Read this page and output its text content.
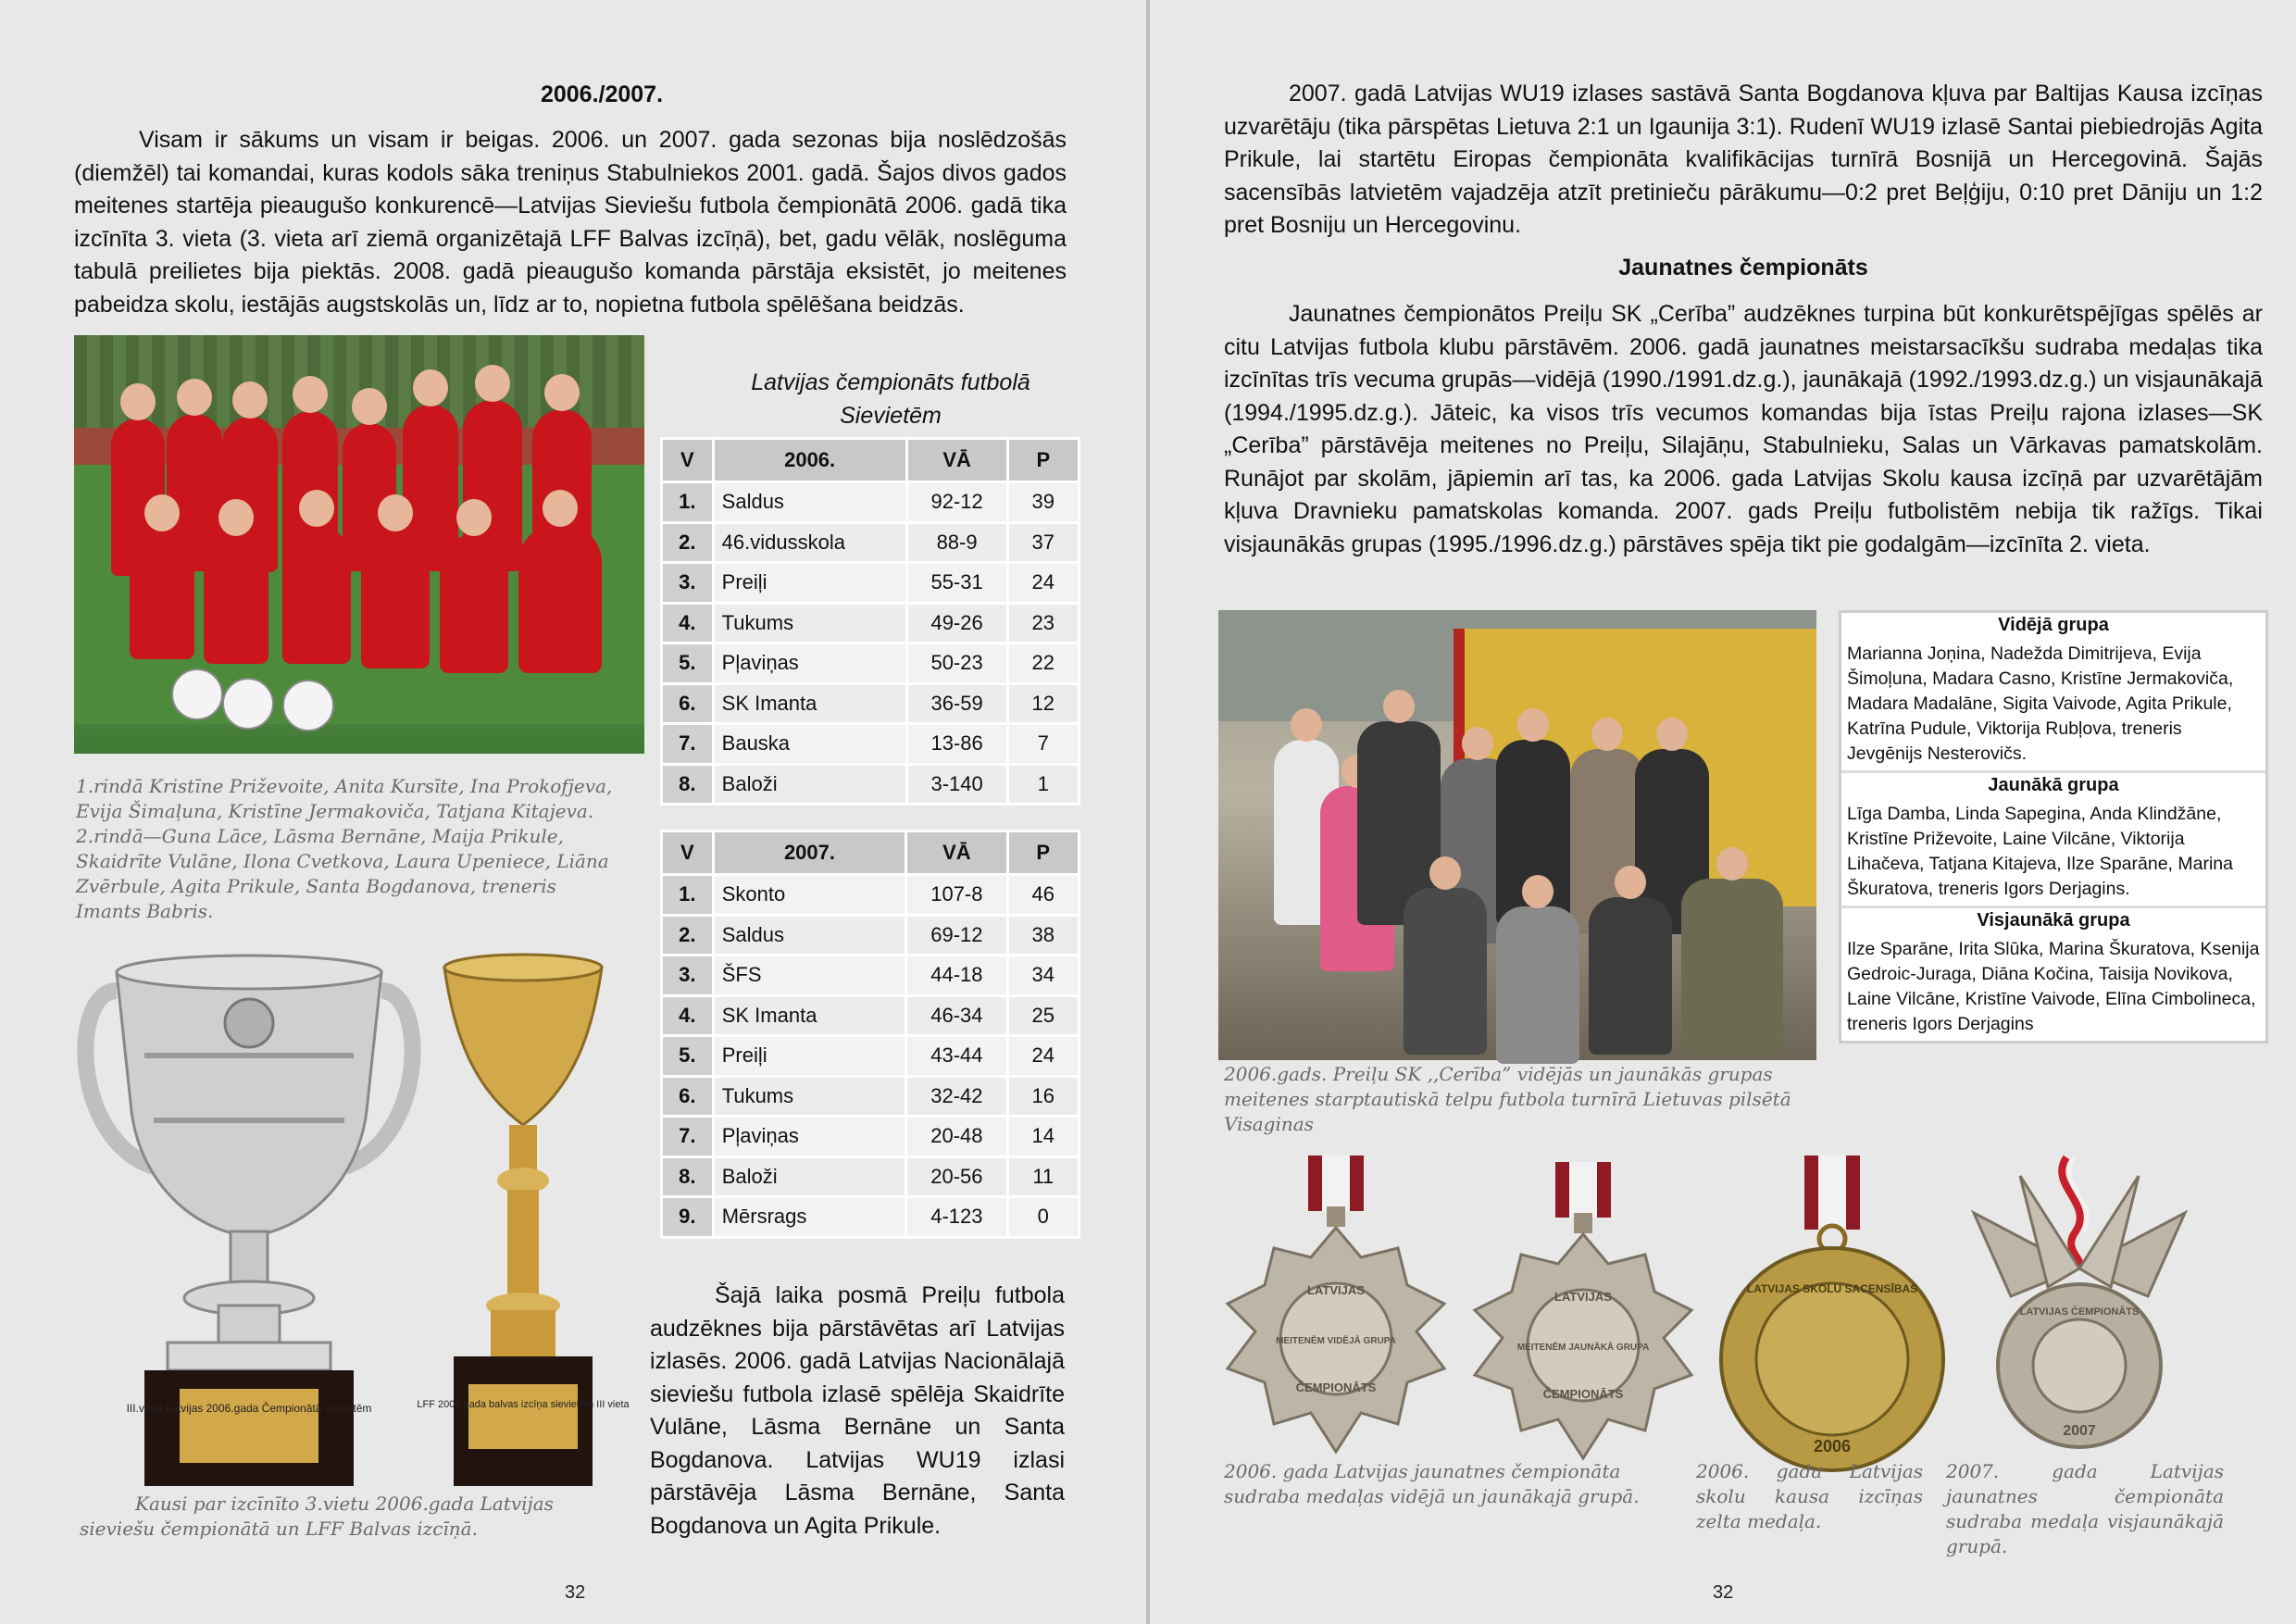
2006./2007.

Visam ir sākums un visam ir beigas. 2006. un 2007. gada sezonas bija noslēdzošās (diemžēl) tai komandai, kuras kodols sāka treniņus Stabulniekos 2001. gadā. Šajos divos gados meitenes startēja pieaugušo konkurencē—Latvijas Sieviešu futbola čempionātā 2006. gadā tika izcīnīta 3. vieta (3. vieta arī ziemā organizētajā LFF Balvas izcīņā), bet, gadu vēlāk, noslēguma tabulā preilietes bija piektās. 2008. gadā pieaugušo komanda pārstāja eksistēt, jo meitenes pabeidza skolu, iestājās augstskolās un, līdz ar to, nopietna futbola spēlēšana beidzās.

1.rindā Kristīne Priževoite, Anita Kursīte, Ina Prokofjeva, Evija Šimaļuna, Kristīne Jermakoviča, Tatjana Kitajeva. 2.rindā—Guna Lāce, Lāsma Bernāne, Maija Prikule, Skaidrīte Vulāne, Ilona Cvetkova, Laura Upeniece, Liāna Zvērbule, Agita Prikule, Santa Bogdanova, treneris Imants Babris.

III.vieta Latvijas 2006.gada Čempionātā sievietēm	LFF 2006.gada balvas izcīņa sievietēm III vieta

Kausi par izcīnīto 3.vietu 2006.gada Latvijas sieviešu čempionātā un LFF Balvas izcīņā.

Latvijas čempionāts futbolā
Sievietēm

V	2006.	VĀ	P
1.	Saldus	92-12	39
2.	46.vidusskola	88-9	37
3.	Preiļi	55-31	24
4.	Tukums	49-26	23
5.	Pļaviņas	50-23	22
6.	SK Imanta	36-59	12
7.	Bauska	13-86	7
8.	Baloži	3-140	1
V	2007.	VĀ	P
1.	Skonto	107-8	46
2.	Saldus	69-12	38
3.	ŠFS	44-18	34
4.	SK Imanta	46-34	25
5.	Preiļi	43-44	24
6.	Tukums	32-42	16
7.	Pļaviņas	20-48	14
8.	Baloži	20-56	11
9.	Mērsrags	4-123	0

Šajā laika posmā Preiļu futbola audzēknes bija pārstāvētas arī Latvijas izlasēs. 2006. gadā Latvijas Nacionālajā sieviešu futbola izlasē spēlēja Skaidrīte Vulāne, Lāsma Bernāne un Santa Bogdanova. Latvijas WU19 izlasi pārstāvēja Lāsma Bernāne, Santa Bogdanova un Agita Prikule.

32

2007. gadā Latvijas WU19 izlases sastāvā Santa Bogdanova kļuva par Baltijas Kausa izcīņas uzvarētāju (tika pārspētas Lietuva 2:1 un Igaunija 3:1). Rudenī WU19 izlasē Santai piebiedrojās Agita Prikule, lai startētu Eiropas čempionāta kvalifikācijas turnīrā Bosnijā un Hercegovinā. Šajās sacensībās latvietēm vajadzēja atzīt pretinieču pārākumu—0:2 pret Beļģiju, 0:10 pret Dāniju un 1:2 pret Bosniju un Hercegovinu.

Jaunatnes čempionāts

Jaunatnes čempionātos Preiļu SK „Cerība” audzēknes turpina būt konkurētspējīgas spēlēs ar citu Latvijas futbola klubu pārstāvēm. 2006. gadā jaunatnes meistarsacīkšu sudraba medaļas tika izcīnītas trīs vecuma grupās—vidējā (1990./1991.dz.g.), jaunākajā (1992./1993.dz.g.) un visjaunākajā (1994./1995.dz.g.). Jāteic, ka visos trīs vecumos komandas bija īstas Preiļu rajona izlases—SK „Cerība” pārstāvēja meitenes no Preiļu, Silajāņu, Stabulnieku, Salas un Vārkavas pamatskolām. Runājot par skolām, jāpiemin arī tas, ka 2006. gada Latvijas Skolu kausa izcīņā par uzvarētājām kļuva Dravnieku pamatskolas komanda. 2007. gads Preiļu futbolistēm nebija tik ražīgs. Tikai visjaunākās grupas (1995./1996.dz.g.) pārstāves spēja tikt pie godalgām—izcīnīta 2. vieta.

2006.gads. Preiļu SK ,,Cerība” vidējās un jaunākās grupas meitenes starptautiskā telpu futbola turnīrā Lietuvas pilsētā Visaginas

Vidējā grupa

Marianna Joņina, Nadežda Dimitrijeva, Evija Šimoļuna, Madara Casno, Kristīne Jermakoviča, Madara Madalāne, Sigita Vaivode, Agita Prikule, Katrīna Pudule, Viktorija Rubļova, treneris Jevgēnijs Nesterovičs.

Jaunākā grupa

Līga Damba, Linda Sapegina, Anda Klindžāne, Kristīne Priževoite, Laine Vilcāne, Viktorija Lihačeva, Tatjana Kitajeva, Ilze Sparāne, Marina Škuratova, treneris Igors Derjagins.

Visjaunākā grupa

Ilze Sparāne, Irita Slūka, Marina Škuratova, Ksenija Gedroic-Juraga, Diāna Kočina, Taisija Novikova, Laine Vilcāne, Kristīne Vaivode, Elīna Cimbolineca, treneris Igors Derjagins

LATVIJAS
MEITENĒM VIDĒJĀ GRUPA
ČEMPIONĀTS
LATVIJAS
MEITENĒM JAUNĀKĀ GRUPA
ČEMPIONĀTS
LATVIJAS SKOLU SACENSĪBAS
2006
LATVIJAS ČEMPIONĀTS
2007

2006. gada Latvijas jaunatnes čempionāta sudraba medaļas vidējā un jaunākajā grupā.

2006. gada Latvijas skolu kausa izcīņas zelta medaļa.

2007. gada Latvijas jaunatnes čempionāta sudraba medaļa visjaunākajā grupā.

32
